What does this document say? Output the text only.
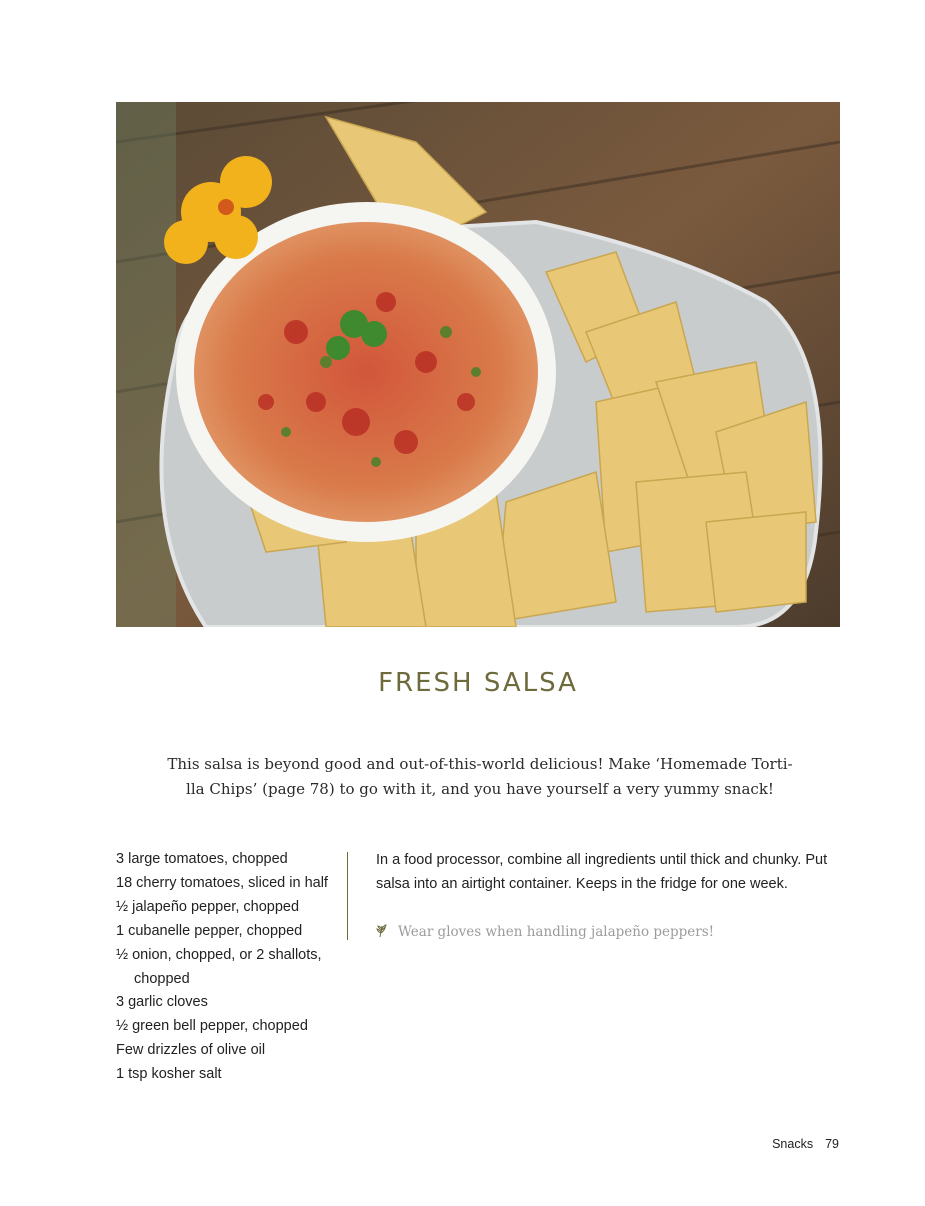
FRESH SALSA
This salsa is beyond good and out-of-this-world delicious! Make ‘Homemade Torti-lla Chips’ (page 78) to go with it, and you have yourself a very yummy snack!
3 large tomatoes, chopped
18 cherry tomatoes, sliced in half
½ jalapeño pepper, chopped
1 cubanelle pepper, chopped
½ onion, chopped, or 2 shallots, chopped
3 garlic cloves
½ green bell pepper, chopped
Few drizzles of olive oil
1 tsp kosher salt
In a food processor, combine all ingredients until thick and chunky. Put salsa into an airtight container. Keeps in the fridge for one week.
Wear gloves when handling jalapeño peppers!
Snacks 79
